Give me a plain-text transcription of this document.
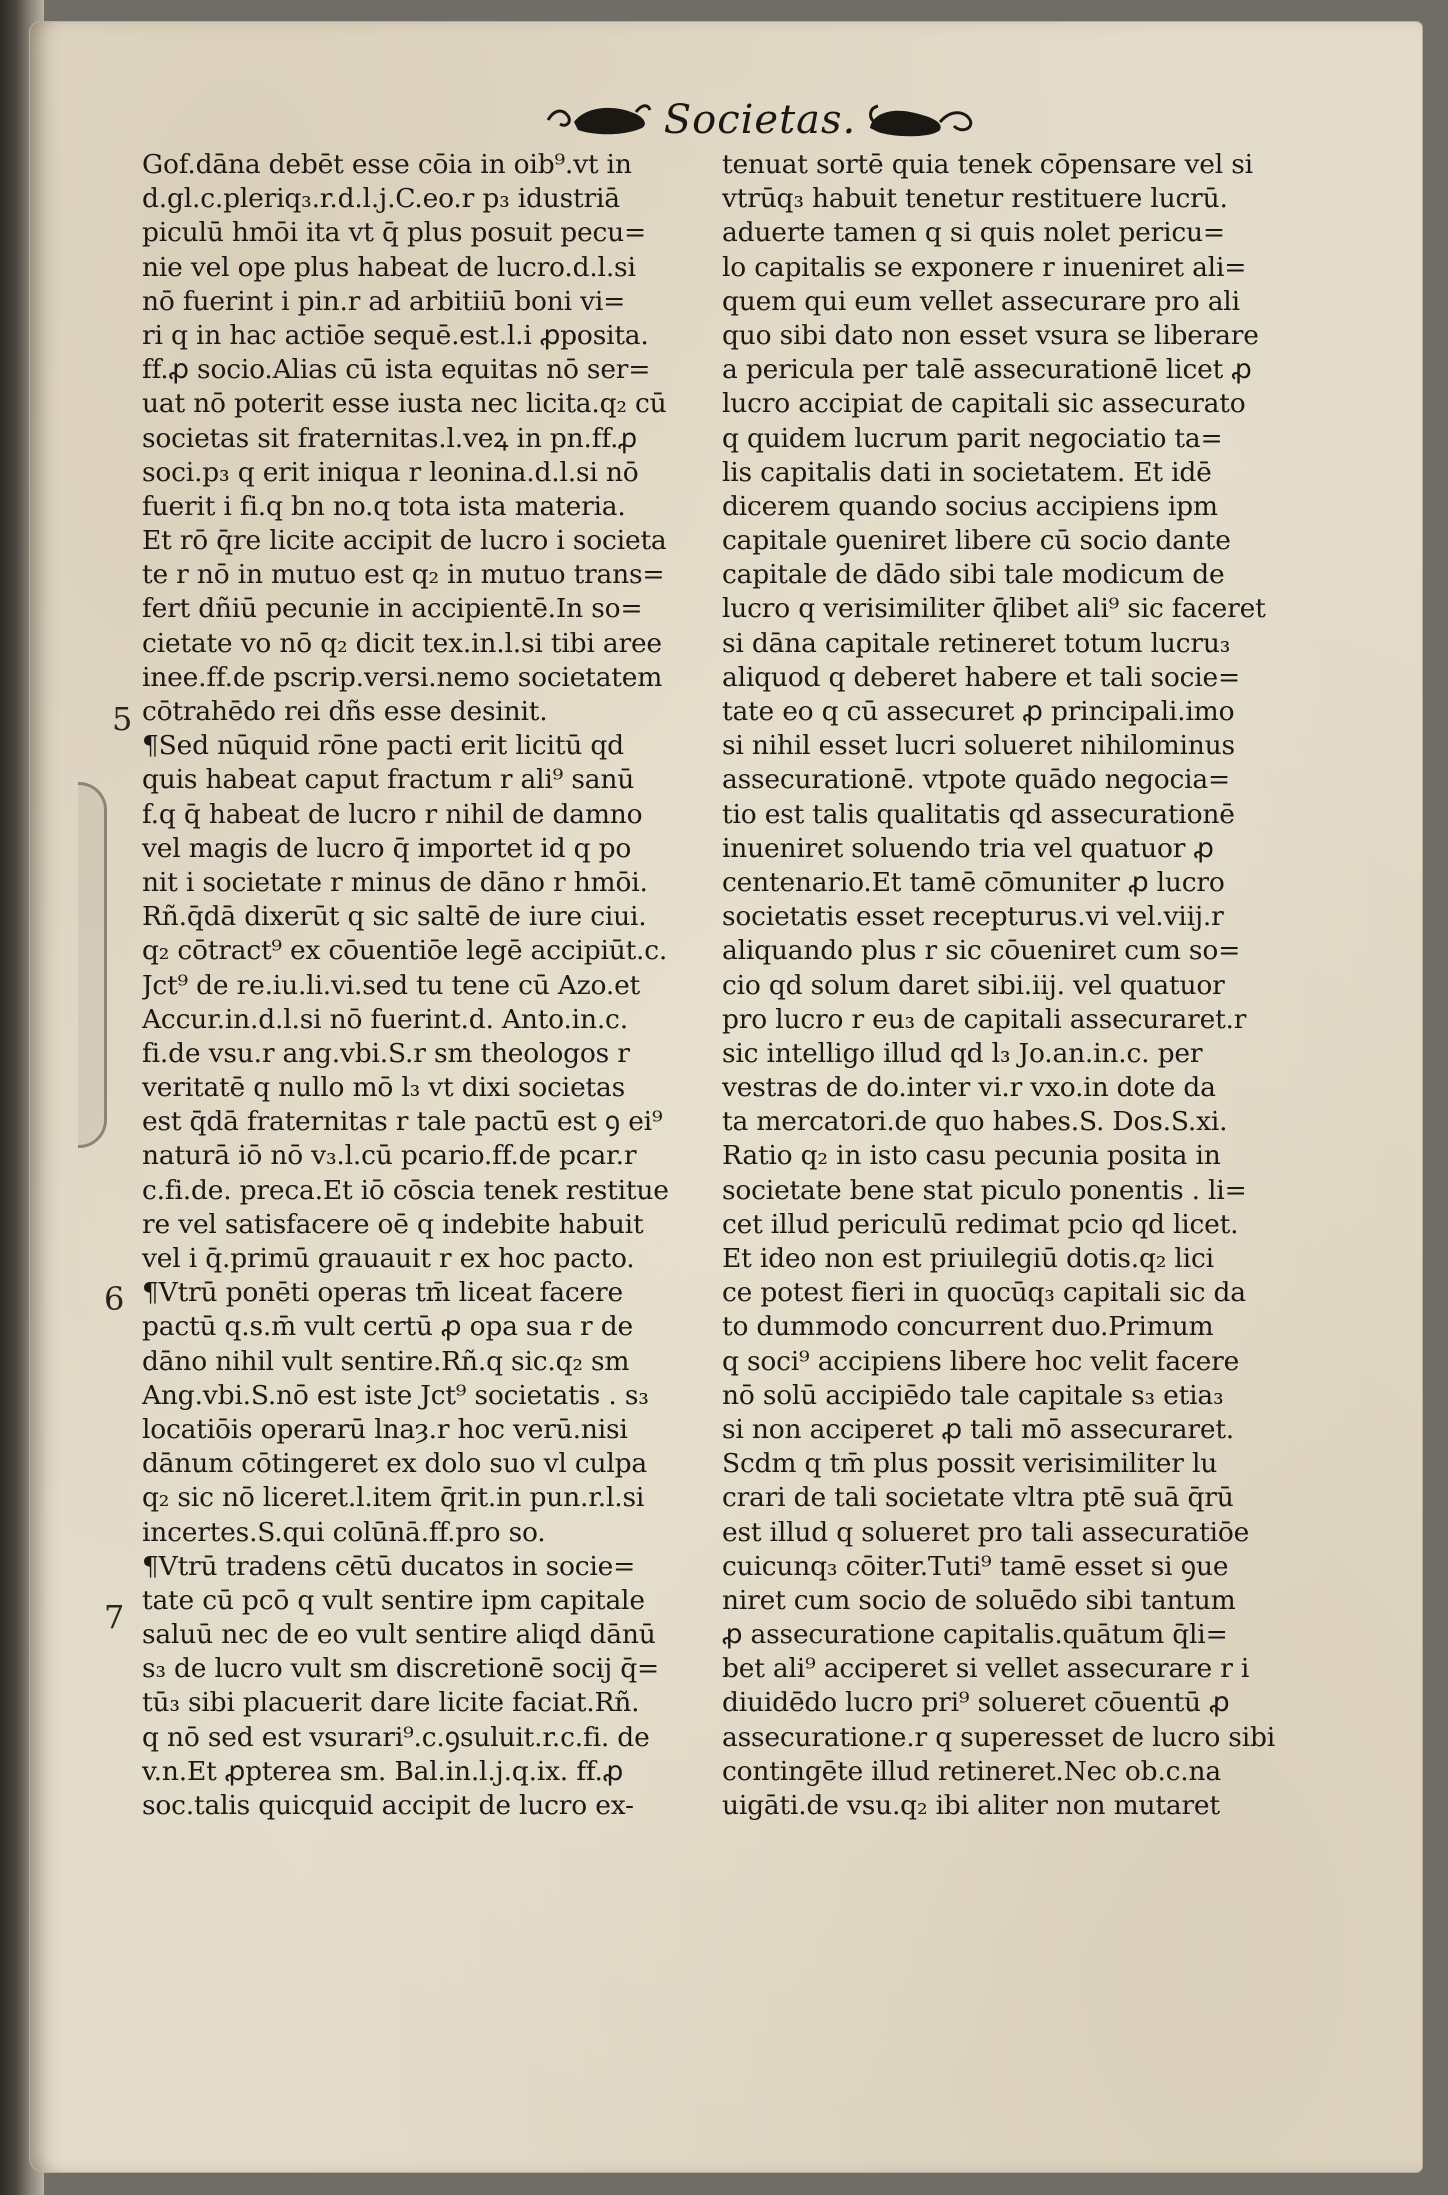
Societas.
Gof.dāna debēt esse cōia in oib⁹.vt in
d.gl.c.pleriq₃.r.d.l.j.C.eo.r p₃ idustriā
piculū hmōi ita vt q̄ plus posuit pecu=
nie vel ope plus habeat de lucro.d.l.si
nō fuerint i pin.r ad arbitiiū boni vi=
ri q in hac actiōe sequē.est.l.i ꝓposita.
ff.ꝓ socio.Alias cū ista equitas nō ser=
uat nō poterit esse iusta nec licita.q₂ cū
societas sit fraternitas.l.veꝝ in pn.ff.ꝓ
soci.p₃ q erit iniqua r leonina.d.l.si nō
fuerit i fi.q bn no.q tota ista materia.
Et rō q̄re licite accipit de lucro i societa
te r nō in mutuo est q₂ in mutuo trans=
fert dñiū pecunie in accipientē.In so=
cietate vo nō q₂ dicit tex.in.l.si tibi aree
inee.ff.de pscrip.versi.nemo societatem
cōtrahēdo rei dñs esse desinit.
¶Sed nūquid rōne pacti erit licitū qd
quis habeat caput fractum r ali⁹ sanū
f.q q̄ habeat de lucro r nihil de damno
vel magis de lucro q̄ importet id q po
nit i societate r minus de dāno r hmōi.
Rñ.q̄dā dixerūt q sic saltē de iure ciui.
q₂ cōtract⁹ ex cōuentiōe legē accipiūt.c.
Jct⁹ de re.iu.li.vi.sed tu tene cū Azo.et
Accur.in.d.l.si nō fuerint.d. Anto.in.c.
fi.de vsu.r ang.vbi.S.r sm theologos r
veritatē q nullo mō l₃ vt dixi societas
est q̄dā fraternitas r tale pactū est ꝯ ei⁹
naturā iō nō v₃.l.cū pcario.ff.de pcar.r
c.fi.de. preca.Et iō cōscia tenek restitue
re vel satisfacere oē q indebite habuit
vel i q̄.primū grauauit r ex hoc pacto.
¶Vtrū ponēti operas tm̄ liceat facere
pactū q.s.m̄ vult certū ꝓ opa sua r de
dāno nihil vult sentire.Rñ.q sic.q₂ sm
Ang.vbi.S.nō est iste Jct⁹ societatis . s₃
locatiōis operarū lnaȝ.r hoc verū.nisi
dānum cōtingeret ex dolo suo vl culpa
q₂ sic nō liceret.l.item q̄rit.in pun.r.l.si
incertes.S.qui colūnā.ff.pro so.
¶Vtrū tradens cētū ducatos in socie=
tate cū pcō q vult sentire ipm capitale
saluū nec de eo vult sentire aliqd dānū
s₃ de lucro vult sm discretionē socij q̄=
tū₃ sibi placuerit dare licite faciat.Rñ.
q nō sed est vsurari⁹.c.ꝯsuluit.r.c.fi. de
v.n.Et ꝓpterea sm. Bal.in.l.j.q.ix. ff.ꝓ
soc.talis quicquid accipit de lucro ex-
tenuat sortē quia tenek cōpensare vel si
vtrūq₃ habuit tenetur restituere lucrū.
aduerte tamen q si quis nolet pericu=
lo capitalis se exponere r inueniret ali=
quem qui eum vellet assecurare pro ali
quo sibi dato non esset vsura se liberare
a pericula per talē assecurationē licet ꝓ
lucro accipiat de capitali sic assecurato
q quidem lucrum parit negociatio ta=
lis capitalis dati in societatem. Et idē
dicerem quando socius accipiens ipm
capitale ꝯueniret libere cū socio dante
capitale de dādo sibi tale modicum de
lucro q verisimiliter q̄libet ali⁹ sic faceret
si dāna capitale retineret totum lucru₃
aliquod q deberet habere et tali socie=
tate eo q cū assecuret ꝓ principali.imo
si nihil esset lucri solueret nihilominus
assecurationē. vtpote quādo negocia=
tio est talis qualitatis qd assecurationē
inueniret soluendo tria vel quatuor ꝓ
centenario.Et tamē cōmuniter ꝓ lucro
societatis esset recepturus.vi vel.viij.r
aliquando plus r sic cōueniret cum so=
cio qd solum daret sibi.iij. vel quatuor
pro lucro r eu₃ de capitali assecuraret.r
sic intelligo illud qd l₃ Jo.an.in.c. per
vestras de do.inter vi.r vxo.in dote da
ta mercatori.de quo habes.S. Dos.S.xi.
Ratio q₂ in isto casu pecunia posita in
societate bene stat piculo ponentis . li=
cet illud periculū redimat pcio qd licet.
Et ideo non est priuilegiū dotis.q₂ lici
ce potest fieri in quocūq₃ capitali sic da
to dummodo concurrent duo.Primum
q soci⁹ accipiens libere hoc velit facere
nō solū accipiēdo tale capitale s₃ etia₃
si non acciperet ꝓ tali mō assecuraret.
Scdm q tm̄ plus possit verisimiliter lu
crari de tali societate vltra ptē suā q̄rū
est illud q solueret pro tali assecuratiōe
cuicunq₃ cōiter.Tuti⁹ tamē esset si ꝯue
niret cum socio de soluēdo sibi tantum
ꝓ assecuratione capitalis.quātum q̄li=
bet ali⁹ acciperet si vellet assecurare r i
diuidēdo lucro pri⁹ solueret cōuentū ꝓ
assecuratione.r q superesset de lucro sibi
contingēte illud retineret.Nec ob.c.na
uigāti.de vsu.q₂ ibi aliter non mutaret
5
6
7
